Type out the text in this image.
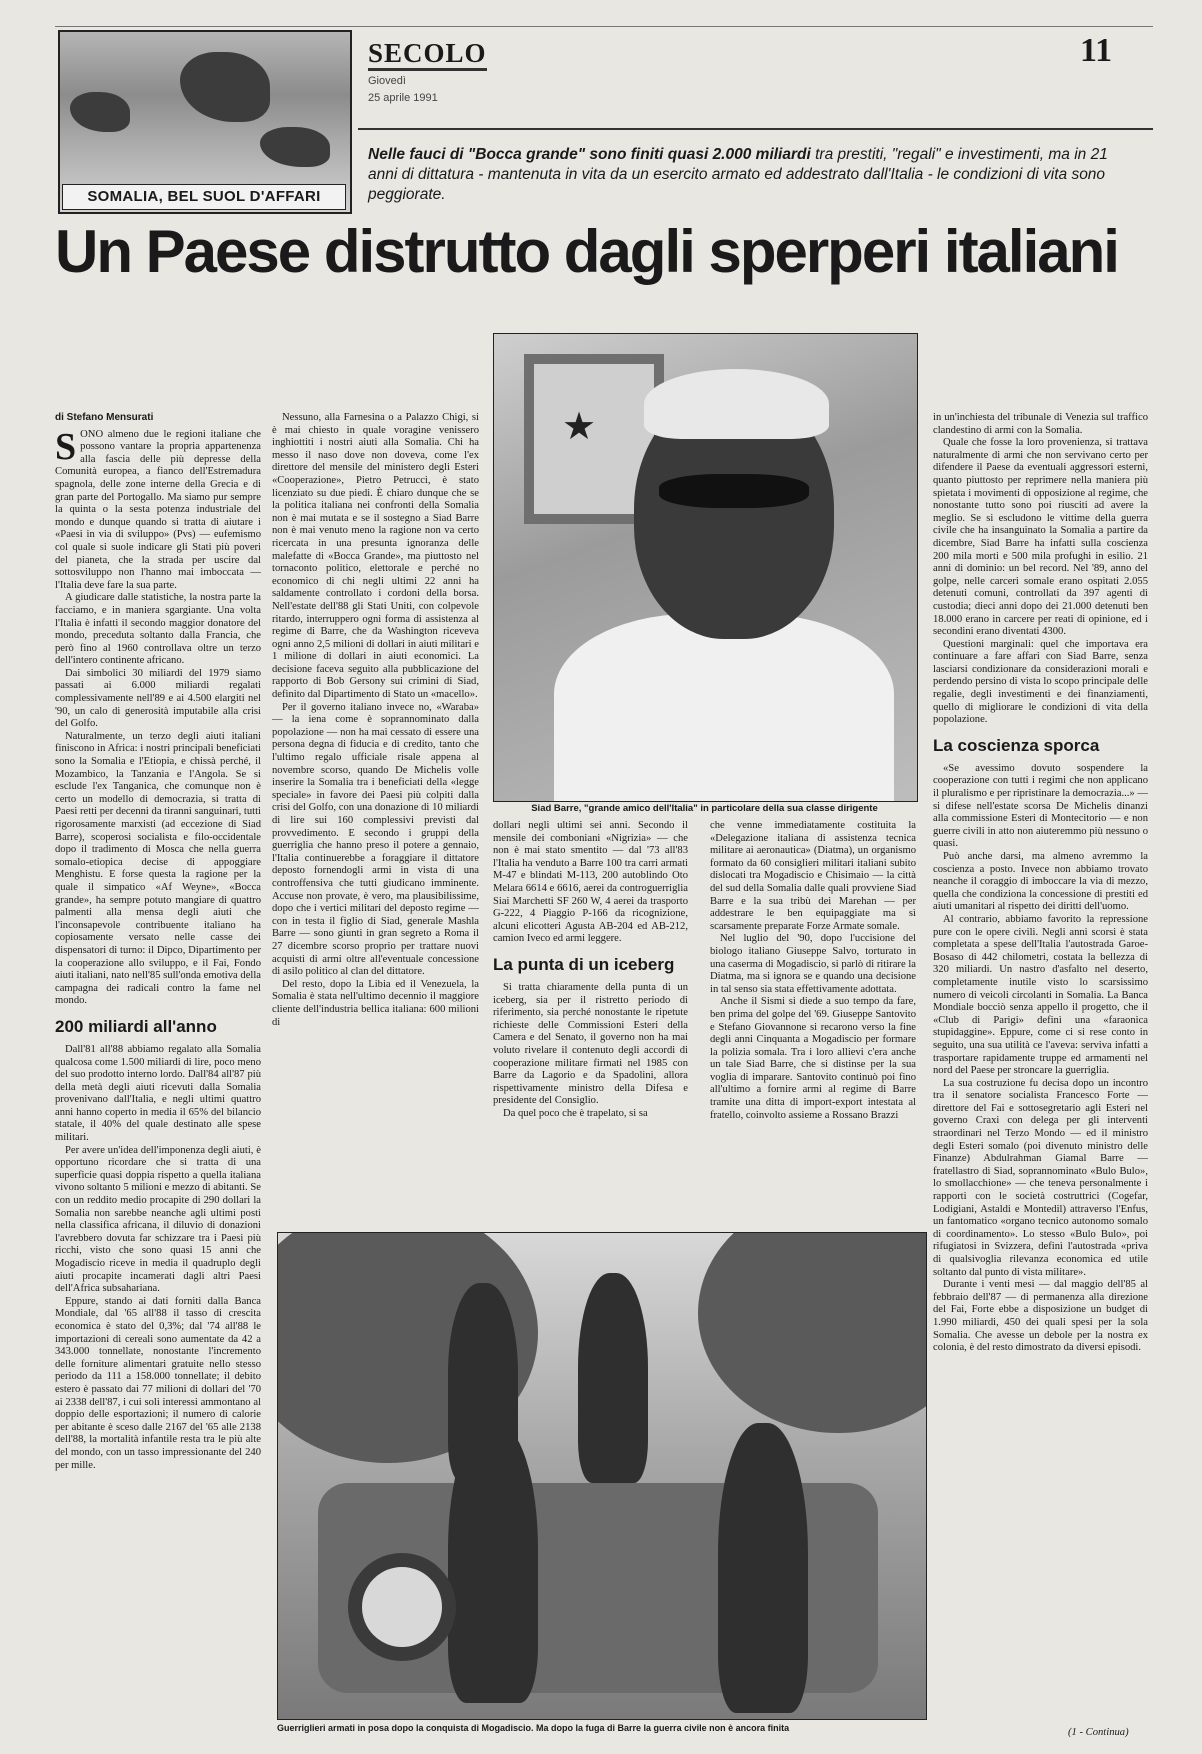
SOMALIA, BEL SUOL D'AFFARI
SECOLO
Giovedì
25 aprile 1991
11
Nelle fauci di "Bocca grande" sono finiti quasi 2.000 miliardi tra prestiti, "regali" e investimenti, ma in 21 anni di dittatura - mantenuta in vita da un esercito armato ed addestrato dall'Italia - le condizioni di vita sono peggiorate.
Un Paese distrutto dagli sperperi italiani
di Stefano Mensurati

SONO almeno due le regioni italiane che possono vantare la propria appartenenza alla fascia delle più depresse della Comunità europea, a fianco dell'Estremadura spagnola, delle zone interne della Grecia e di gran parte del Portogallo. Ma siamo pur sempre la quinta o la sesta potenza industriale del mondo e dunque quando si tratta di aiutare i «Paesi in via di sviluppo» (Pvs) — eufemismo col quale si suole indicare gli Stati più poveri del pianeta, che la strada per uscire dal sottosviluppo non l'hanno mai imboccata — l'Italia deve fare la sua parte.

A giudicare dalle statistiche, la nostra parte la facciamo, e in maniera sgargiante. Una volta l'Italia è infatti il secondo maggior donatore del mondo, preceduta soltanto dalla Francia, che però fino al 1960 controllava oltre un terzo dell'intero continente africano.

Dai simbolici 30 miliardi del 1979 siamo passati ai 6.000 miliardi regalati complessivamente nell'89 e ai 4.500 elargiti nel '90, un calo di generosità imputabile alla crisi del Golfo.

Naturalmente, un terzo degli aiuti italiani finiscono in Africa: i nostri principali beneficiati sono la Somalia e l'Etiopia, e chissà perché, il Mozambico, la Tanzania e l'Angola. Se si esclude l'ex Tanganica, che comunque non è certo un modello di democrazia, si tratta di Paesi retti per decenni da tiranni sanguinari, tutti rigorosamente marxisti (ad eccezione di Siad Barre), scoperosi socialista e filo-occidentale dopo il tradimento di Mosca che nella guerra somalo-etiopica decise di appoggiare Menghistu. E forse questa la ragione per la quale il simpatico «Af Weyne», «Bocca grande», ha sempre potuto mangiare di quattro palmenti alla mensa degli aiuti che l'inconsapevole contribuente italiano ha copiosamente versato nelle casse dei dispensatori di turno: il Dipco, Dipartimento per la cooperazione allo sviluppo, e il Fai, Fondo aiuti italiani, nato nell'85 sull'onda emotiva della campagna dei radicali contro la fame nel mondo.

200 miliardi all'anno

Dall'81 all'88 abbiamo regalato alla Somalia qualcosa come 1.500 miliardi di lire, poco meno del suo prodotto interno lordo. Dall'84 all'87 più della metà degli aiuti ricevuti dalla Somalia provenivano dall'Italia, e negli ultimi quattro anni hanno coperto in media il 65% del bilancio statale, il 40% del quale destinato alle spese militari.

Per avere un'idea dell'imponenza degli aiuti, è opportuno ricordare che si tratta di una superficie quasi doppia rispetto a quella italiana vivono soltanto 5 milioni e mezzo di abitanti. Se con un reddito medio procapite di 290 dollari la Somalia non sarebbe neanche agli ultimi posti nella classifica africana, il diluvio di donazioni l'avrebbero dovuta far schizzare tra i Paesi più ricchi, visto che sono quasi 15 anni che Mogadiscio riceve in media il quadruplo degli aiuti procapite incamerati dagli altri Paesi dell'Africa subsahariana.

Eppure, stando ai dati forniti dalla Banca Mondiale, dal '65 all'88 il tasso di crescita economica è stato del 0,3%; dal '74 all'88 le importazioni di cereali sono aumentate da 42 a 343.000 tonnellate, nonostante l'incremento delle forniture alimentari gratuite nello stesso periodo da 111 a 158.000 tonnellate; il debito estero è passato dai 77 milioni di dollari del '70 ai 2338 dell'87, i cui soli interessi ammontano al doppio delle esportazioni; il numero di calorie per abitante è sceso dalle 2167 del '65 alle 2138 dell'88, la mortalità infantile resta tra le più alte del mondo, con un tasso impressionante del 240 per mille.

Nessuno, alla Farnesina o a Palazzo Chigi, si è mai chiesto in quale voragine venissero inghiottiti i nostri aiuti alla Somalia. Chi ha messo il naso dove non doveva, come l'ex direttore del mensile del ministero degli Esteri «Cooperazione», Pietro Petrucci, è stato licenziato su due piedi. È chiaro dunque che se la politica italiana nei confronti della Somalia non è mai mutata e se il sostegno a Siad Barre non è mai venuto meno la ragione non va certo ricercata in una presunta ignoranza delle malefatte di «Bocca Grande», ma piuttosto nel tornaconto politico, elettorale e perché no economico di chi negli ultimi 22 anni ha saldamente controllato i cordoni della borsa. Nell'estate dell'88 gli Stati Uniti, con colpevole ritardo, interruppero ogni forma di assistenza al regime di Barre, che da Washington riceveva ogni anno 2,5 milioni di dollari in aiuti militari e 1 milione di dollari in aiuti economici. La decisione faceva seguito alla pubblicazione del rapporto di Bob Gersony sui crimini di Siad, definito dal Dipartimento di Stato un «macello».

Per il governo italiano invece no, «Waraba» — la iena come è soprannominato dalla popolazione — non ha mai cessato di essere una persona degna di fiducia e di credito, tanto che l'ultimo regalo ufficiale risale appena al novembre scorso, quando De Michelis volle inserire la Somalia tra i beneficiati della «legge speciale» in favore dei Paesi più colpiti dalla crisi del Golfo, con una donazione di 10 miliardi di lire sui 160 complessivi previsti dal provvedimento. E secondo i gruppi della guerriglia che hanno preso il potere a gennaio, l'Italia continuerebbe a foraggiare il dittatore deposto fornendogli armi in vista di una controffensiva che tutti giudicano imminente. Accuse non provate, è vero, ma plausibilissime, dopo che i vertici militari del deposto regime — con in testa il figlio di Siad, generale Mashla Barre — sono giunti in gran segreto a Roma il 27 dicembre scorso proprio per trattare nuovi acquisti di armi oltre all'eventuale concessione di asilo politico al clan del dittatore.

Del resto, dopo la Libia ed il Venezuela, la Somalia è stata nell'ultimo decennio il maggiore cliente dell'industria bellica italiana: 600 milioni di

★
Siad Barre, "grande amico dell'Italia" in particolare della sua classe dirigente

dollari negli ultimi sei anni. Secondo il mensile dei comboniani «Nigrizia» — che non è mai stato smentito — dal '73 all'83 l'Italia ha venduto a Barre 100 tra carri armati M-47 e blindati M-113, 200 autoblindo Oto Melara 6614 e 6616, aerei da controguerriglia Siai Marchetti SF 260 W, 4 aerei da trasporto G-222, 4 Piaggio P-166 da ricognizione, alcuni elicotteri Agusta AB-204 ed AB-212, camion Iveco ed armi leggere.

La punta di un iceberg

Si tratta chiaramente della punta di un iceberg, sia per il ristretto periodo di riferimento, sia perché nonostante le ripetute richieste delle Commissioni Esteri della Camera e del Senato, il governo non ha mai voluto rivelare il contenuto degli accordi di cooperazione militare firmati nel 1985 con Barre da Lagorio e da Spadolini, allora rispettivamente ministro della Difesa e presidente del Consiglio.

Da quel poco che è trapelato, si sa

che venne immediatamente costituita la «Delegazione italiana di assistenza tecnica militare ai aeronautica» (Diatma), un organismo formato da 60 consiglieri militari italiani subito dislocati tra Mogadiscio e Chisimaio — la città del sud della Somalia dalle quali provviene Siad Barre e la sua tribù dei Marehan — per addestrare le ben equipaggiate ma sì scarsamente preparate Forze Armate somale.

Nel luglio del '90, dopo l'uccisione del biologo italiano Giuseppe Salvo, torturato in una caserma di Mogadiscio, si parlò di ritirare la Diatma, ma si ignora se e quando una decisione in tal senso sia stata effettivamente adottata.

Anche il Sismi si diede a suo tempo da fare, ben prima del golpe del '69. Giuseppe Santovito e Stefano Giovannone si recarono verso la fine degli anni Cinquanta a Mogadiscio per formare la polizia somala. Tra i loro allievi c'era anche un tale Siad Barre, che si distinse per la sua voglia di imparare. Santovito continuò poi fino all'ultimo a fornire armi al regime di Barre tramite una ditta di import-export intestata al fratello, coinvolto assieme a Rossano Brazzi

Guerriglieri armati in posa dopo la conquista di Mogadiscio. Ma dopo la fuga di Barre la guerra civile non è ancora finita

in un'inchiesta del tribunale di Venezia sul traffico clandestino di armi con la Somalia.

Quale che fosse la loro provenienza, si trattava naturalmente di armi che non servivano certo per difendere il Paese da eventuali aggressori esterni, quanto piuttosto per reprimere nella maniera più spietata i movimenti di opposizione al regime, che nonostante tutto sono poi riusciti ad avere la meglio. Se si escludono le vittime della guerra civile che ha insanguinato la Somalia a partire da dicembre, Siad Barre ha infatti sulla coscienza 200 mila morti e 500 mila profughi in esilio. 21 anni di dominio: un bel record. Nel '89, anno del golpe, nelle carceri somale erano ospitati 2.055 detenuti comuni, controllati da 397 agenti di custodia; dieci anni dopo dei 21.000 detenuti ben 18.000 erano in carcere per reati di opinione, ed i secondini erano diventati 4300.

Questioni marginali: quel che importava era continuare a fare affari con Siad Barre, senza lasciarsi condizionare da considerazioni morali e perdendo persino di vista lo scopo principale delle regalie, degli investimenti e dei finanziamenti, quello di migliorare le condizioni di vita della popolazione.

La coscienza sporca

«Se avessimo dovuto sospendere la cooperazione con tutti i regimi che non applicano il pluralismo e per ripristinare la democrazia...» — si difese nell'estate scorsa De Michelis dinanzi alla commissione Esteri di Montecitorio — e non guerre civili in atto non aiuteremmo più nessuno o quasi.

Può anche darsi, ma almeno avremmo la coscienza a posto. Invece non abbiamo trovato neanche il coraggio di imboccare la via di mezzo, quella che condiziona la concessione di prestiti ed aiuti umanitari al rispetto dei diritti dell'uomo.

Al contrario, abbiamo favorito la repressione pure con le opere civili. Negli anni scorsi è stata completata a spese dell'Italia l'autostrada Garoe-Bosaso di 442 chilometri, costata la bellezza di 320 miliardi. Un nastro d'asfalto nel deserto, completamente inutile visto lo scarsissimo numero di veicoli circolanti in Somalia. La Banca Mondiale bocciò senza appello il progetto, che il «Club di Parigi» definì una «faraonica stupidaggine». Eppure, come ci si rese conto in seguito, una sua utilità ce l'aveva: serviva infatti a trasportare rapidamente truppe ed armamenti nel nord del Paese per stroncare la guerriglia.

La sua costruzione fu decisa dopo un incontro tra il senatore socialista Francesco Forte — direttore del Fai e sottosegretario agli Esteri nel governo Craxi con delega per gli interventi straordinari nel Terzo Mondo — ed il ministro degli Esteri somalo (poi divenuto ministro delle Finanze) Abdulrahman Giamal Barre — fratellastro di Siad, soprannominato «Bulo Bulo», lo smollacchione» — che teneva personalmente i rapporti con le società costruttrici (Cogefar, Lodigiani, Astaldi e Montedil) attraverso l'Enfus, un fantomatico «organo tecnico autonomo somalo di coordinamento». Lo stesso «Bulo Bulo», poi rifugiatosi in Svizzera, definì l'autostrada «priva di qualsivoglia rilevanza economica ed utile soltanto dal punto di vista militare».

Durante i venti mesi — dal maggio dell'85 al febbraio dell'87 — di permanenza alla direzione del Fai, Forte ebbe a disposizione un budget di 1.990 miliardi, 450 dei quali spesi per la sola Somalia. Che avesse un debole per la nostra ex colonia, è del resto dimostrato da diversi episodi.

(1 - Continua)
